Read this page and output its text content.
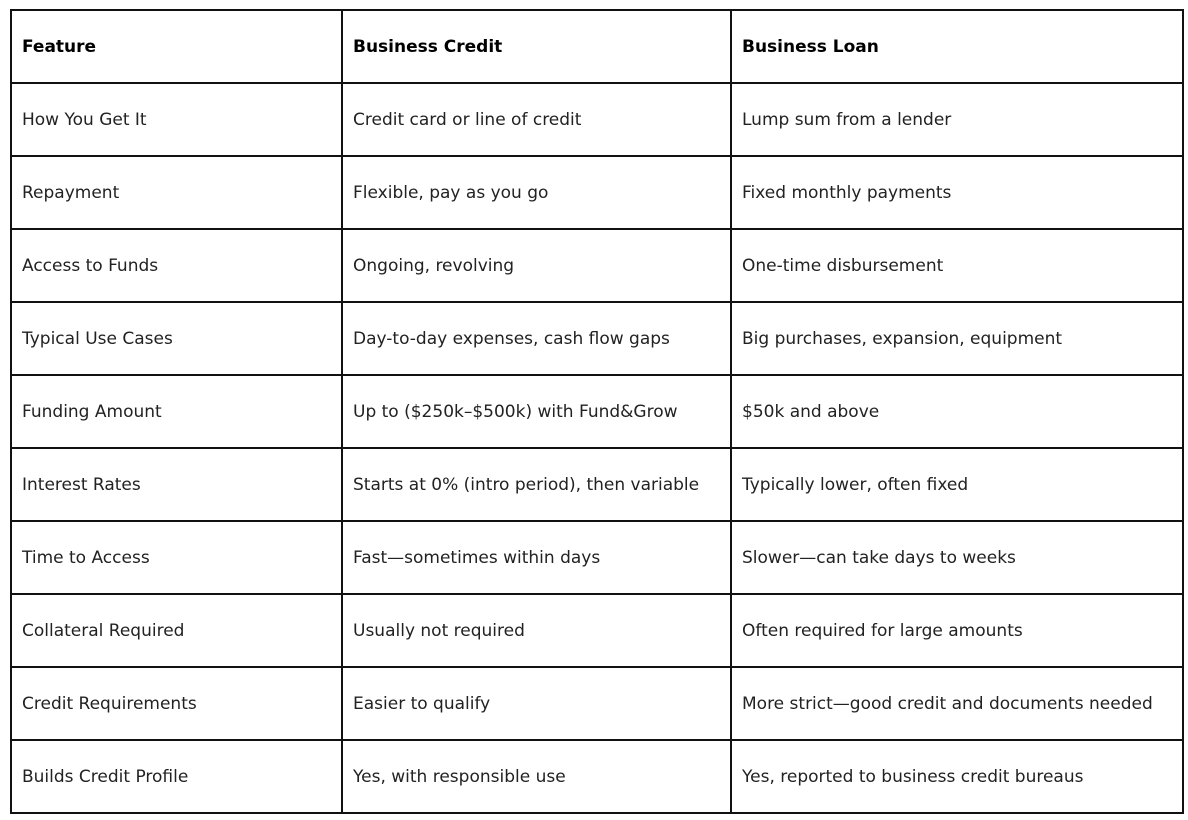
Feature	Business Credit	Business Loan
How You Get It	Credit card or line of credit	Lump sum from a lender
Repayment	Flexible, pay as you go	Fixed monthly payments
Access to Funds	Ongoing, revolving	One-time disbursement
Typical Use Cases	Day-to-day expenses, cash flow gaps	Big purchases, expansion, equipment
Funding Amount	Up to ($250k–$500k) with Fund&Grow	$50k and above
Interest Rates	Starts at 0% (intro period), then variable	Typically lower, often fixed
Time to Access	Fast—sometimes within days	Slower—can take days to weeks
Collateral Required	Usually not required	Often required for large amounts
Credit Requirements	Easier to qualify	More strict—good credit and documents needed
Builds Credit Profile	Yes, with responsible use	Yes, reported to business credit bureaus
